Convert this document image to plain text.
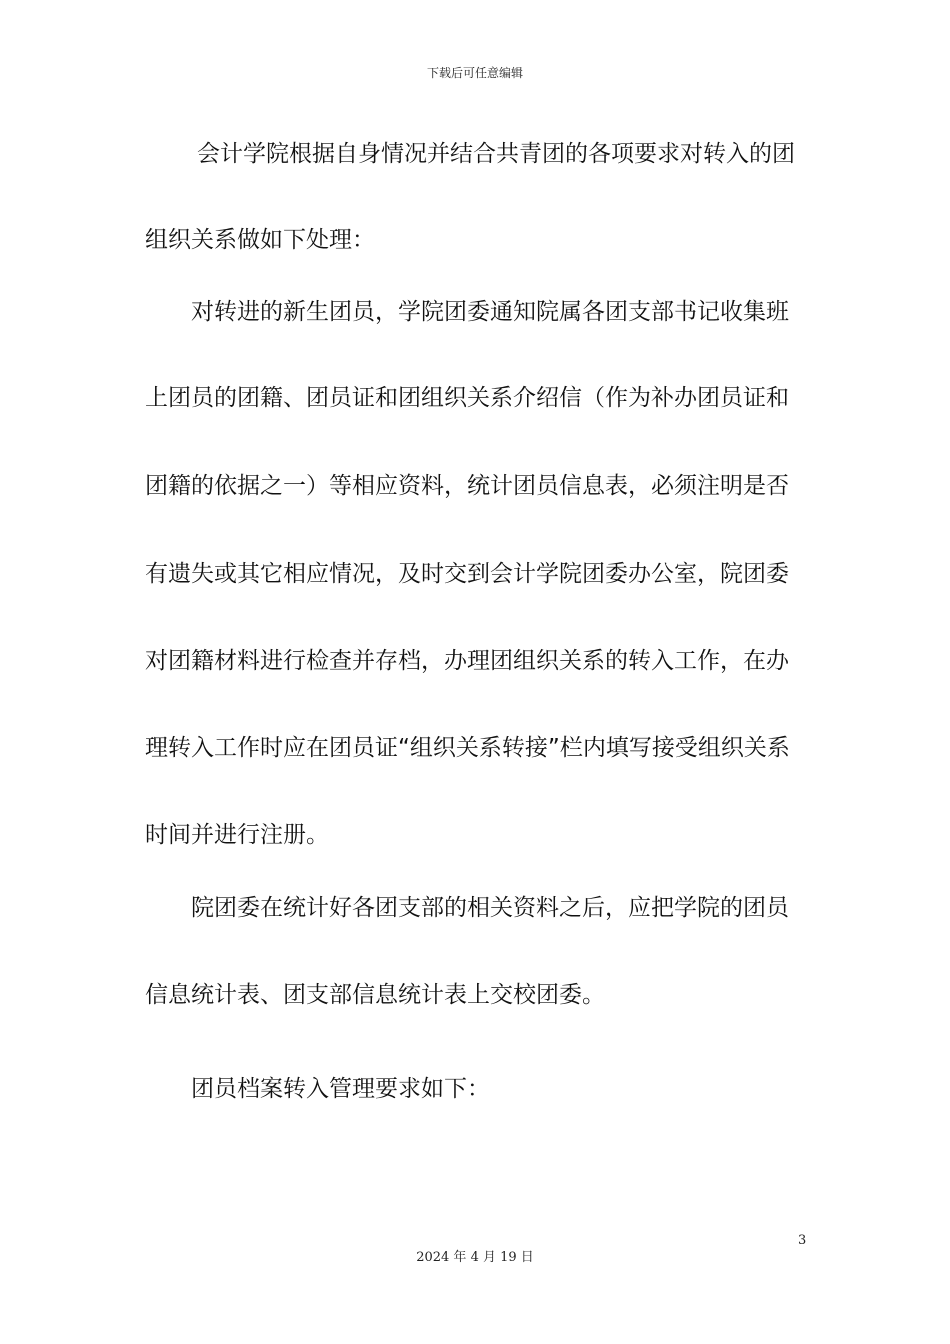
下载后可任意编辑
会计学院根据自身情况并结合共青团的各项要求对转入的团
组织关系做如下处理：
对转进的新生团员，学院团委通知院属各团支部书记收集班
上团员的团籍、团员证和团组织关系介绍信（作为补办团员证和
团籍的依据之一）等相应资料，统计团员信息表，必须注明是否
有遗失或其它相应情况，及时交到会计学院团委办公室，院团委
对团籍材料进行检查并存档，办理团组织关系的转入工作，在办
理转入工作时应在团员证“组织关系转接”栏内填写接受组织关系
时间并进行注册。
院团委在统计好各团支部的相关资料之后，应把学院的团员
信息统计表、团支部信息统计表上交校团委。
团员档案转入管理要求如下：
3
2024 年 4 月 19 日
